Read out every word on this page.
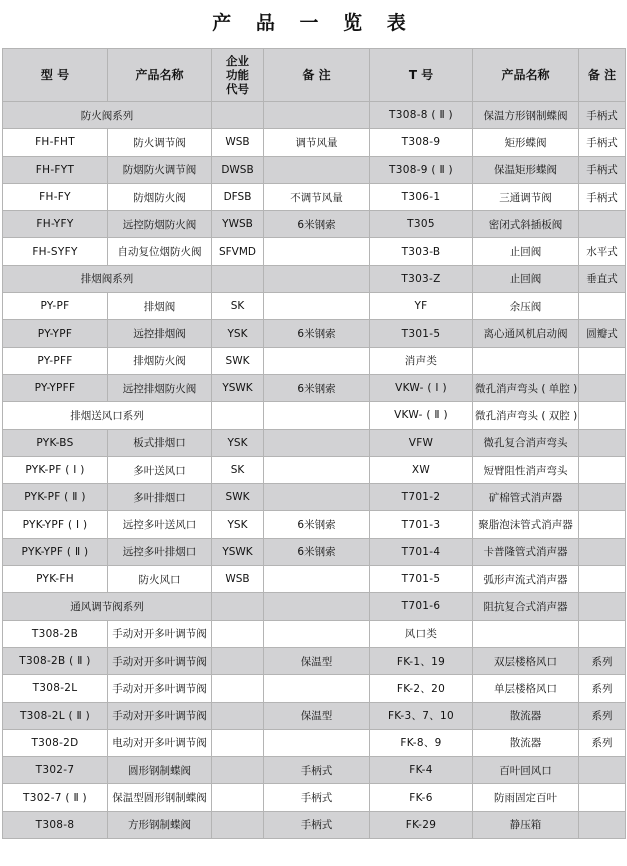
产 品 一 览 表
型 号	产品名称	企业
功能
代号	备 注	T 号	产品名称	备 注
防火阀系列				T308-8 ( Ⅱ )	保温方形钢制蝶阀	手柄式
FH-FHT	防火调节阀	WSB	调节风量	T308-9	矩形蝶阀	手柄式
FH-FYT	防烟防火调节阀	DWSB		T308-9 ( Ⅱ )	保温矩形蝶阀	手柄式
FH-FY	防烟防火阀	DFSB	不调节风量	T306-1	三通调节阀	手柄式
FH-YFY	远控防烟防火阀	YWSB	6米钢索	T305	密闭式斜插板阀	
FH-SYFY	自动复位烟防火阀	SFVMD		T303-B	止回阀	水平式
排烟阀系列				T303-Z	止回阀	垂直式
PY-PF	排烟阀	SK		YF	余压阀	
PY-YPF	远控排烟阀	YSK	6米钢索	T301-5	离心通风机启动阀	圆瓣式
PY-PFF	排烟防火阀	SWK		消声类		
PY-YPFF	远控排烟防火阀	YSWK	6米钢索	VKW- ( Ⅰ )	微孔消声弯头 ( 单腔 )	
排烟送风口系列				VKW- ( Ⅱ )	微孔消声弯头 ( 双腔 )	
PYK-BS	板式排烟口	YSK		VFW	微孔复合消声弯头	
PYK-PF ( Ⅰ )	多叶送风口	SK		XW	短臂阻性消声弯头	
PYK-PF ( Ⅱ )	多叶排烟口	SWK		T701-2	矿棉管式消声器	
PYK-YPF ( Ⅰ )	远控多叶送风口	YSK	6米钢索	T701-3	聚脂泡沫管式消声器	
PYK-YPF ( Ⅱ )	远控多叶排烟口	YSWK	6米钢索	T701-4	卡普隆管式消声器	
PYK-FH	防火风口	WSB		T701-5	弧形声流式消声器	
通风调节阀系列				T701-6	阻抗复合式消声器	
T308-2B	手动对开多叶调节阀			风口类		
T308-2B ( Ⅱ )	手动对开多叶调节阀		保温型	FK-1、19	双层楼格风口	系列
T308-2L	手动对开多叶调节阀			FK-2、20	单层楼格风口	系列
T308-2L ( Ⅱ )	手动对开多叶调节阀		保温型	FK-3、7、10	散流器	系列
T308-2D	电动对开多叶调节阀			FK-8、9	散流器	系列
T302-7	圆形钢制蝶阀		手柄式	FK-4	百叶回风口	
T302-7 ( Ⅱ )	保温型圆形钢制蝶阀		手柄式	FK-6	防雨固定百叶	
T308-8	方形钢制蝶阀		手柄式	FK-29	静压箱	
